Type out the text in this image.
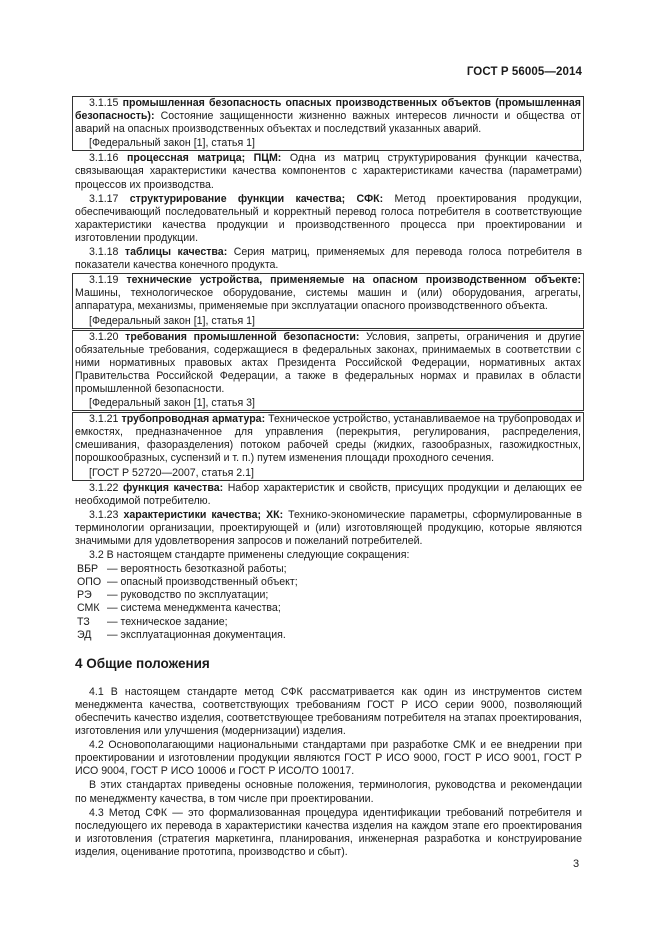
ГОСТ Р 56005—2014

3.1.15 промышленная безопасность опасных производственных объектов (промышленная безопасность): Состояние защищенности жизненно важных интересов личности и общества от аварий на опасных производственных объектах и последствий указанных аварий.

[Федеральный закон [1], статья 1]

3.1.16 процессная матрица; ПЦМ: Одна из матриц структурирования функции качества, связывающая характеристики качества компонентов с характеристиками качества (параметрами) процессов их производства.

3.1.17 структурирование функции качества; СФК: Метод проектирования продукции, обеспечивающий последовательный и корректный перевод голоса потребителя в соответствующие характеристики качества продукции и производственного процесса при проектировании и изготовлении продукции.

3.1.18 таблицы качества: Серия матриц, применяемых для перевода голоса потребителя в показатели качества конечного продукта.

3.1.19 технические устройства, применяемые на опасном производственном объекте: Машины, технологическое оборудование, системы машин и (или) оборудования, агрегаты, аппаратура, механизмы, применяемые при эксплуатации опасного производственного объекта.

[Федеральный закон [1], статья 1]

3.1.20 требования промышленной безопасности: Условия, запреты, ограничения и другие обязательные требования, содержащиеся в федеральных законах, принимаемых в соответствии с ними нормативных правовых актах Президента Российской Федерации, нормативных актах Правительства Российской Федерации, а также в федеральных нормах и правилах в области промышленной безопасности.

[Федеральный закон [1], статья 3]

3.1.21 трубопроводная арматура: Техническое устройство, устанавливаемое на трубопроводах и емкостях, предназначенное для управления (перекрытия, регулирования, распределения, смешивания, фазоразделения) потоком рабочей среды (жидких, газообразных, газожидкостных, порошкообразных, суспензий и т. п.) путем изменения площади проходного сечения.

[ГОСТ Р 52720—2007, статья 2.1]

3.1.22 функция качества: Набор характеристик и свойств, присущих продукции и делающих ее необходимой потребителю.

3.1.23 характеристики качества; ХК: Технико-экономические параметры, сформулированные в терминологии организации, проектирующей и (или) изготовляющей продукцию, которые являются значимыми для удовлетворения запросов и пожеланий потребителей.

3.2 В настоящем стандарте применены следующие сокращения:

ВБР — вероятность безотказной работы;
ОПО — опасный производственный объект;
РЭ	— руководство по эксплуатации;
СМК — система менеджмента качества;
ТЗ	— техническое задание;
ЭД	— эксплуатационная документация.
4 Общие положения

4.1 В настоящем стандарте метод СФК рассматривается как один из инструментов систем менеджмента качества, соответствующих требованиям ГОСТ Р ИСО серии 9000, позволяющий обеспечить качество изделия, соответствующее требованиям потребителя на этапах проектирования, изготовления или улучшения (модернизации) изделия.

4.2 Основополагающими национальными стандартами при разработке СМК и ее внедрении при проектировании и изготовлении продукции являются ГОСТ Р ИСО 9000, ГОСТ Р ИСО 9001, ГОСТ Р ИСО 9004, ГОСТ Р ИСО 10006 и ГОСТ Р ИСО/ТО 10017.

В этих стандартах приведены основные положения, терминология, руководства и рекомендации по менеджменту качества, в том числе при проектировании.

4.3 Метод СФК — это формализованная процедура идентификации требований потребителя и последующего их перевода в характеристики качества изделия на каждом этапе его проектирования и изготовления (стратегия маркетинга, планирования, инженерная разработка и конструирование изделия, оценивание прототипа, производство и сбыт).

3
